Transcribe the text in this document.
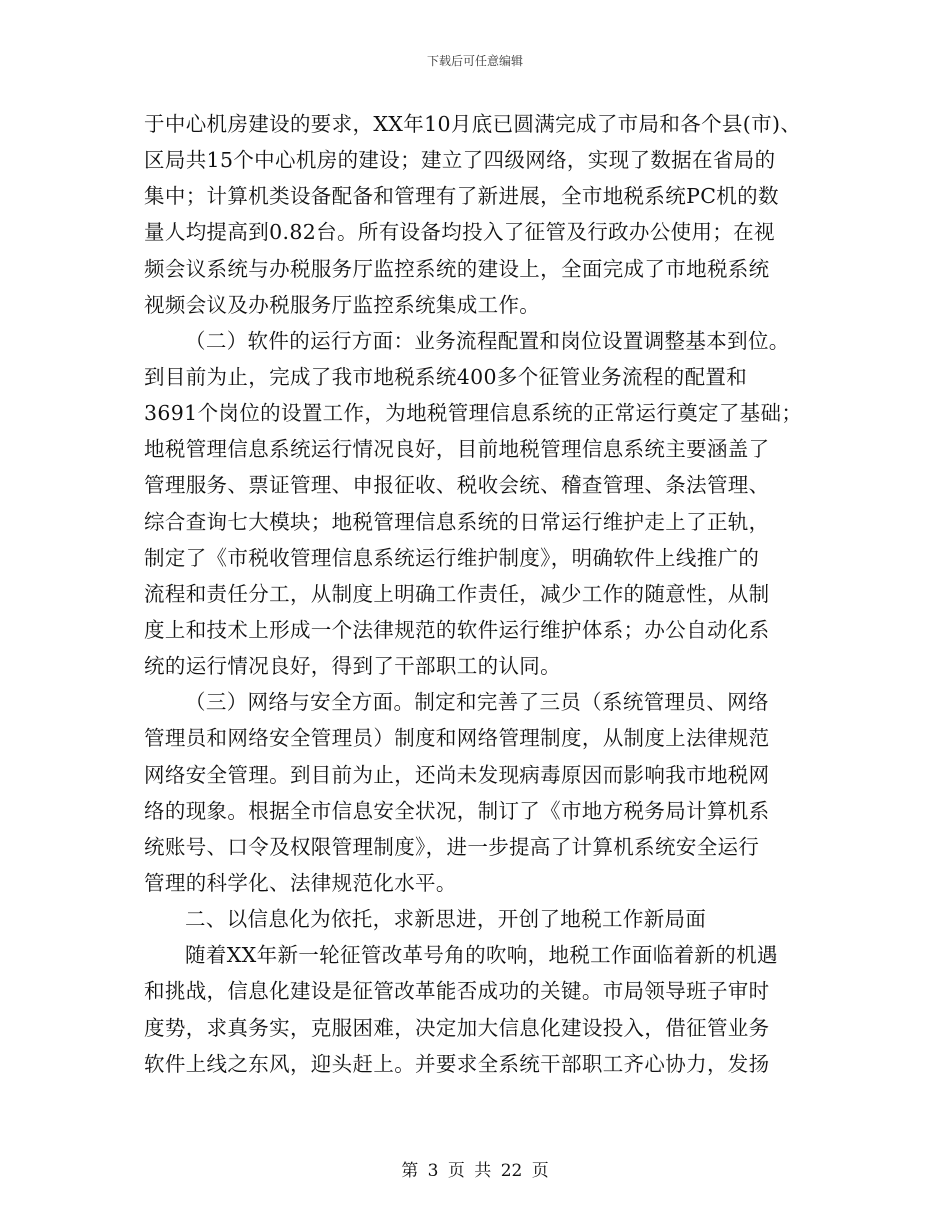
下载后可任意编辑
于中心机房建设的要求，XX年10月底已圆满完成了市局和各个县(市)、
区局共15个中心机房的建设；建立了四级网络，实现了数据在省局的
集中；计算机类设备配备和管理有了新进展，全市地税系统PC机的数
量人均提高到0.82台。所有设备均投入了征管及行政办公使用；在视
频会议系统与办税服务厅监控系统的建设上，全面完成了市地税系统
视频会议及办税服务厅监控系统集成工作。
（二）软件的运行方面：业务流程配置和岗位设置调整基本到位。
到目前为止，完成了我市地税系统400多个征管业务流程的配置和
3691个岗位的设置工作，为地税管理信息系统的正常运行奠定了基础；
地税管理信息系统运行情况良好，目前地税管理信息系统主要涵盖了
管理服务、票证管理、申报征收、税收会统、稽查管理、条法管理、
综合查询七大模块；地税管理信息系统的日常运行维护走上了正轨，
制定了《市税收管理信息系统运行维护制度》，明确软件上线推广的
流程和责任分工，从制度上明确工作责任，减少工作的随意性，从制
度上和技术上形成一个法律规范的软件运行维护体系；办公自动化系
统的运行情况良好，得到了干部职工的认同。
（三）网络与安全方面。制定和完善了三员（系统管理员、网络
管理员和网络安全管理员）制度和网络管理制度，从制度上法律规范
网络安全管理。到目前为止，还尚未发现病毒原因而影响我市地税网
络的现象。根据全市信息安全状况，制订了《市地方税务局计算机系
统账号、口令及权限管理制度》，进一步提高了计算机系统安全运行
管理的科学化、法律规范化水平。
二、以信息化为依托，求新思进，开创了地税工作新局面
随着XX年新一轮征管改革号角的吹响，地税工作面临着新的机遇
和挑战，信息化建设是征管改革能否成功的关键。市局领导班子审时
度势，求真务实，克服困难，决定加大信息化建设投入，借征管业务
软件上线之东风，迎头赶上。并要求全系统干部职工齐心协力，发扬
第 3 页 共 22 页
